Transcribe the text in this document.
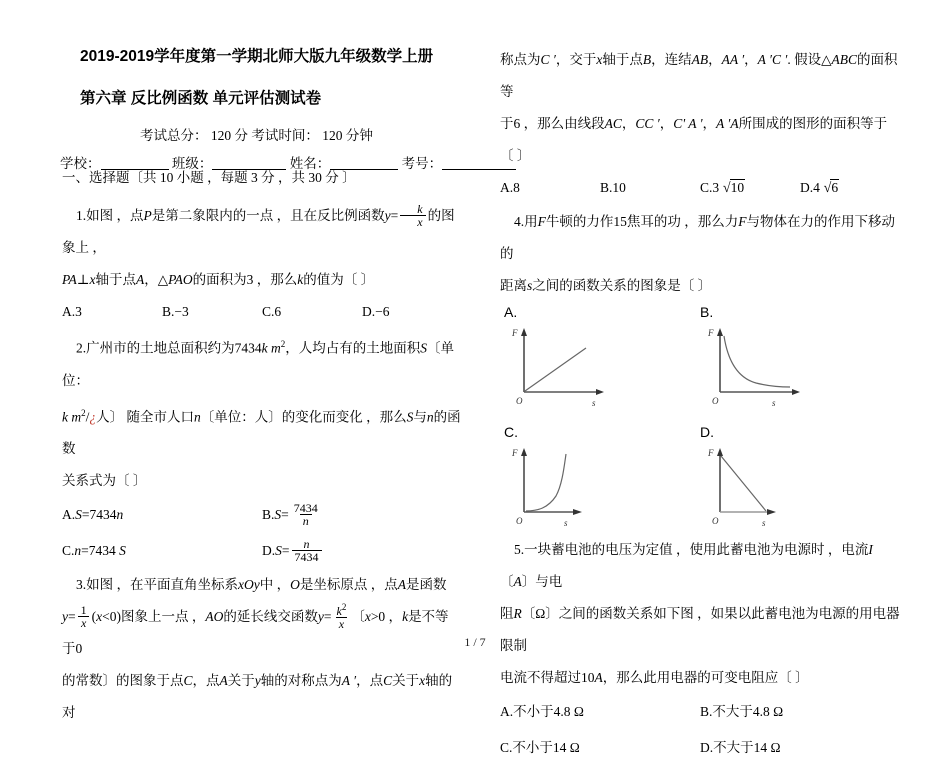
2019-2019学年度第一学期北师大版九年级数学上册
第六章 反比例函数 单元评估测试卷
考试总分： 120 分 考试时间： 120 分钟
学校：	班级：	姓名：	考号：
一、选择题〔共 10 小题 ，每题 3 分 ，共 30 分 〕
1.如图 ，点P是第二象限内的一点 ，且在反比例函数$y= \frac{k}{x}$ 的图象上 ，
PA⊥x轴于点A，△PAO的面积为3 ，那么k的值为〔 〕
A.3	B.−3	C.6	D.−6
2.广州市的土地总面积约为7434k $m^2$，人均占有的土地面积S〔单位：
k $m^2/¿$人〕 随全市人口n〔单位：人〕的变化而变化 ，那么S与n的函数
关系式为〔 〕
A.S=7434n	$B.S= \frac{7434}{n}$
C.n=7434 S	$D.S= \frac{n}{7434}$
3.如图 ，在平面直角坐标系xOy中 ，O是坐标原点 ，点A是函数
$y= \frac{1}{x} (x<0)$图象上一点 ，AO的延长线交函数$y= \frac{k^2}{x}$ 〔x>0 ，k是不等于0
的常数〕的图象于点C，点A关于y轴的对称点为A ′，点C关于x轴的对
称点为C ′，交于x轴于点B，连结AB，AA ′，A ′C ′. 假设△ABC的面积等
于6 ，那么由线段AC，CC ′，C' A '，A ′A所围成的图形的面积等于〔 〕
A.8	B.10	C.3 √10	D.4 √6
4.用F牛顿的力作15焦耳的功 ，那么力F与物体在力的作用下移动的
距离s之间的函数关系的图象是〔 〕
A.
F
O	s
B.
F
O	s
C.
F
O	s
D.
F
O	s
5.一块蓄电池的电压为定值 ，使用此蓄电池为电源时 ，电流I〔A〕与电
阻R〔Ω〕之间的函数关系如下图 ，如果以此蓄电池为电源的用电器限制
电流不得超过10A，那么此用电器的可变电阻应〔 〕
A.不小于4.8 Ω	B.不大于4.8 Ω
C.不小于14 Ω	D.不大于14 Ω
1 / 7
